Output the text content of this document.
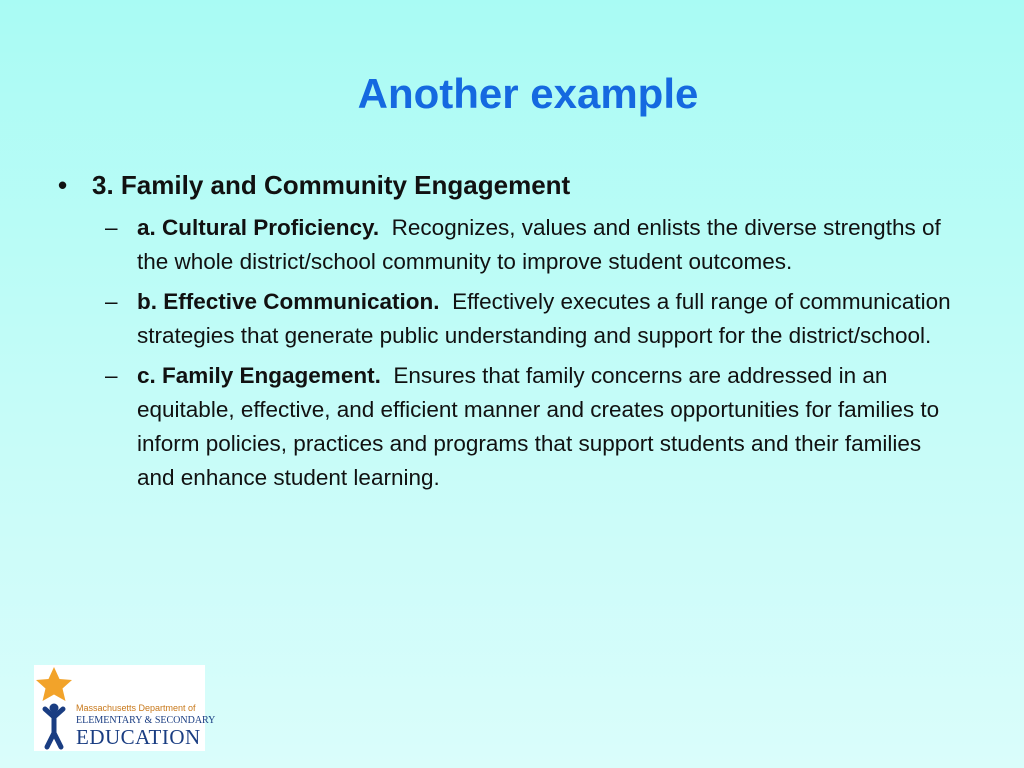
Another example
• 3. Family and Community Engagement
– a. Cultural Proficiency. Recognizes, values and enlists the diverse strengths of the whole district/school community to improve student outcomes.
– b. Effective Communication. Effectively executes a full range of communication strategies that generate public understanding and support for the district/school.
– c. Family Engagement. Ensures that family concerns are addressed in an equitable, effective, and efficient manner and creates opportunities for families to inform policies, practices and programs that support students and their families and enhance student learning.
Massachusetts Department of
ELEMENTARY & SECONDARY
EDUCATION
